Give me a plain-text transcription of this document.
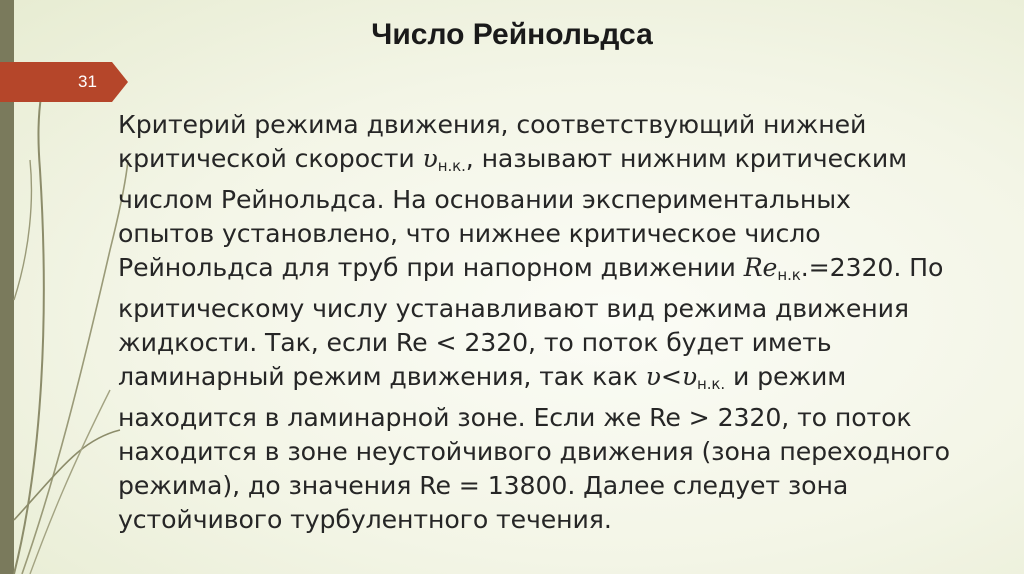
31
Число Рейнольдса
Критерий режима движения, соответствующий нижней
критической скорости $\upsilon_{н.к.}$, называют нижним критическим
числом Рейнольдса. На основании экспериментальных
опытов установлено, что нижнее критическое число
Рейнольдса для труб при напорном движении $Re_{н.к}.=2320$. По
критическому числу устанавливают вид режима движения
жидкости. Так, если Re < 2320, то поток будет иметь
ламинарный режим движения, так как $\upsilon<\upsilon_{н.к.}$ и режим
находится в ламинарной зоне. Если же Re > 2320, то поток
находится в зоне неустойчивого движения (зона переходного
режима), до значения Re = 13800. Далее следует зона
устойчивого турбулентного течения.
